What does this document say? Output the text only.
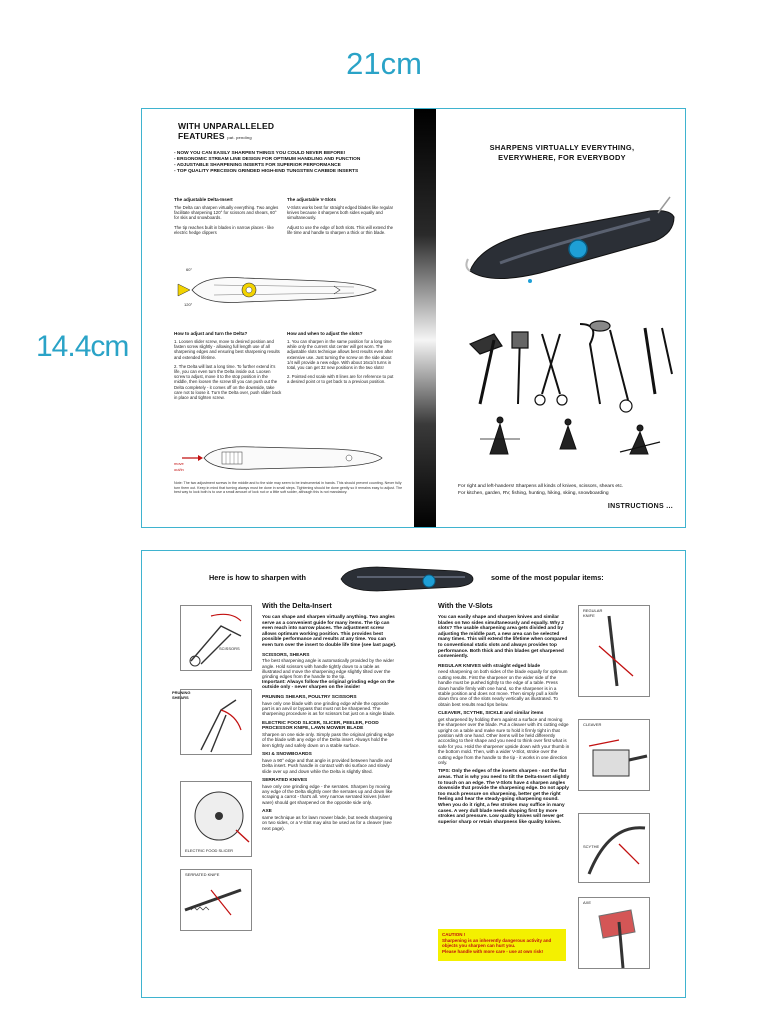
21cm
14.4cm
WITH UNPARALLELED
FEATURES pat. pending
- NOW YOU CAN EASILY SHARPEN THINGS YOU COULD NEVER BEFORE!
- ERGONOMIC STREAM LINE DESIGN FOR OPTIMUM HANDLING AND FUNCTION
- ADJUSTABLE SHARPENING INSERTS FOR SUPERIOR PERFORMANCE
- TOP QUALITY PRECISION GRINDED HIGH-END TUNGSTEN CARBIDE INSERTS
The adjustable Delta-Insert
The Delta can sharpen virtually everything. Two angles facilitate sharpening 120° for scissors and shears, 60° for skis and snowboards.
The tip reaches built in blades in narrow places - like electric hedge clippers
The adjustable V-Slots
V-Slots works best for straight edged blades like regular knives because it sharpens both sides equally and simultaneously.
Adjust to use the edge of both slots. This will extend the life time and handle to sharpen a thick or thin blade.
60°
120°
How to adjust and turn the Delta?
1. Loosen slider screw, move to desired position and fasten screw slightly - allowing full length use of all sharpening edges and ensuring best sharpening results and extended lifetime.
2. The Delta will last a long time. To further extend it's life, you can even turn the Delta inside out. Loosen screw to adjust, move it to the stop position in the middle, then loosen the screw till you can push out the Delta completely - it comes off on the downside, take care not to loose it. Turn the Delta over, push slider back in place and tighten screw.
How and when to adjust the slots?
1. You can sharpen in the same position for a long time while only the current slot center will get worn. The adjustable slots technique allows best results even after extensive use. Just turning the screw on the side about 1/4 will provide a new edge. With about 16x1/4 turns in total, you can get 32 new positions in the two slots!
2. Pointed end scale with 8 lines are for reference to put a desired point or to get back to a previous position.
move
out/in
Note: The two adjustment screws in the middle and to the side may seem to be instrumental in hands. This should prevent counting. Never fully turn them out. Keep in mind that turning always must be done in small steps. Tightening should be done gently so it remains easy to adjust. The best way to lock both is to use a small amount of lock nut or a little soft solder, although this is not mandatory.
SHARPENS VIRTUALLY EVERYTHING,
EVERYWHERE, FOR EVERYBODY
For right and left-handers! Sharpens all kinds of knives, scissors, shears etc.
For kitchen, garden, RV, fishing, hunting, hiking, skiing, snowboarding
INSTRUCTIONS ...
Here is how to sharpen with	some of the most popular items:
SCISSORS
PRUNING
SHEARS
ELECTRIC FOOD SLICER
SERRATED KNIFE
With the Delta-Insert
You can shape and sharpen virtually anything. Two angles serve as a convenient guide for many items. The tip can even reach into narrow places. The adjustment screw allows optimum working position. This provides best possible performance and results at any time. You can even turn over the insert to double life time (see last page).
SCISSORS, SHEARS
The best sharpening angle is automatically provided by the wider angle. Hold scissors with handle tightly down to a table as illustrated and move the sharpening edge slightly tilted over the grinding edges from the handle to the tip.
Important: Always follow the original grinding edge on the outside only - never sharpen on the inside!
PRUNING SHEARS, POULTRY SCISSORS
have only one blade with one grinding edge while the opposite part is an anvil or bypass that must not be sharpened. The sharpening procedure is as for scissors but just on a single blade.
ELECTRIC FOOD SLICER, SLICER, PEELER, FOOD PROCESSOR KNIFE, LAWN MOWER BLADE
Sharpen on one side only. Simply pass the original grinding edge of the blade with any edge of the Delta insert. Always hold the item tightly and safely down on a stable surface.
SKI & SNOWBOARDS
have a 90° edge and that angle is provided between handle and Delta insert. Push handle in contact with ski surface and slowly slide over up and down while the Delta is slightly tilted.
SERRATED KNIVES
have only one grinding edge - the serrates. Sharpen by moving any edge of the Delta slightly over the serrates up and down like scraping a carrot - that's all. Very narrow serrated knives (silver ware) should get sharpened on the opposite side only.
AXE
same technique as for lawn mower blade, but needs sharpening on two sides, or a V-Slot may also be used as for a cleaver (see next page).
With the V-Slots
You can easily shape and sharpen knives and similar blades on two sides simultaneously and equally. Why 2 slots? The usable sharpening area gets divided and by adjusting the middle part, a new area can be selected many times. This will extend the lifetime when compared to conventional static slots and always provides top performance. Both thick and thin blades get sharpened conveniently.
REGULAR KNIVES with straight edged blade
need sharpening on both sides of the blade equally for optimum cutting results. First the sharpener on the wider side of the handle must be pushed tightly to the edge of a table. Press down handle firmly with one hand, so the sharpener is in a stable position and does not move. Then simply pull a knife down thru one of the slots nearly vertically as illustrated. To obtain best results read tips below.
CLEAVER, SCYTHE, SICKLE and similar items
get sharpened by holding them against a surface and moving the sharpener over the blade. Put a cleaver with it's cutting edge upright on a table and make sure to hold it firmly tight in that position with one hand. Other items will be held differently according to their shape and you need to think over first what is safe for you. Hold the sharpener upside down with your thumb in the bottom mold. Then, with a wider V-Slot, stroke over the cutting edge from the handle to the tip - it works in one direction only.
TIPS: Only the edges of the inserts sharpen - not the flat areas. That is why you need to tilt the Delta-Insert slightly to touch on an edge. The V-Slots have 4 sharpen angles downside that provide the sharpening edge. Do not apply too much pressure on sharpening, better get the right feeling and hear the steady-going sharpening sound. When you do it right, a few strokes may suffice in many cases. A very dull blade needs shaping first by more strokes and pressure. Low quality knives will never get superior sharp or retain sharpness like quality knives.
CAUTION !
Sharpening is an inherently dangerous activity and
objects you sharpen can hurt you.
Please handle with more care - use at own risk!
REGULAR
KNIFE
CLEAVER
SCYTHE
AXE
